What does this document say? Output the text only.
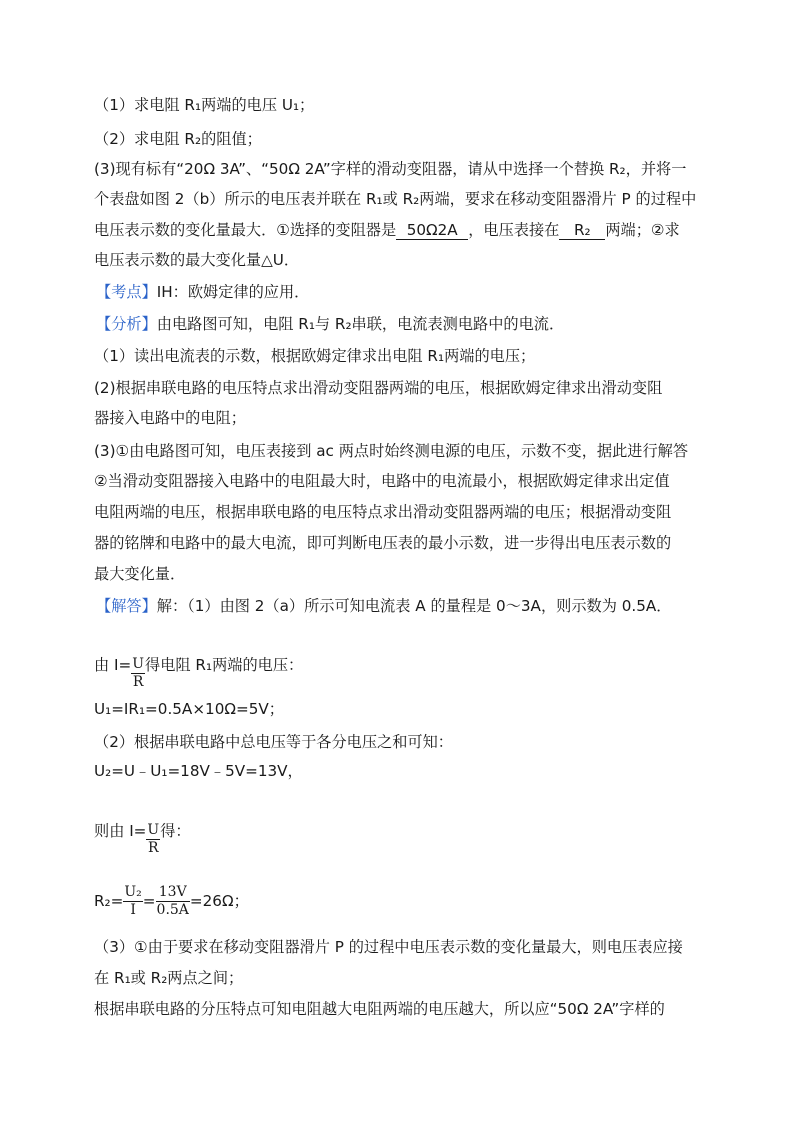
（1）求电阻 R₁两端的电压 U₁；
（2）求电阻 R₂的阻值；
(3)现有标有“20Ω 3A”、“50Ω 2A”字样的滑动变阻器，请从中选择一个替换 R₂，并将一
个表盘如图 2（b）所示的电压表并联在 R₁或 R₂两端，要求在移动变阻器滑片 P 的过程中
电压表示数的变化量最大．①选择的变阻器是 50Ω2A ，电压表接在 R₂ 两端；②求
电压表示数的最大变化量△U．
【考点】IH：欧姆定律的应用．
【分析】由电路图可知，电阻 R₁与 R₂串联，电流表测电路中的电流．
（1）读出电流表的示数，根据欧姆定律求出电阻 R₁两端的电压；
(2)根据串联电路的电压特点求出滑动变阻器两端的电压，根据欧姆定律求出滑动变阻
器接入电路中的电阻；
(3)①由电路图可知，电压表接到 ac 两点时始终测电源的电压，示数不变，据此进行解答
②当滑动变阻器接入电路中的电阻最大时，电路中的电流最小，根据欧姆定律求出定值
电阻两端的电压，根据串联电路的电压特点求出滑动变阻器两端的电压；根据滑动变阻
器的铭牌和电路中的最大电流，即可判断电压表的最小示数，进一步得出电压表示数的
最大变化量．
【解答】解：（1）由图 2（a）所示可知电流表 A 的量程是 0～3A，则示数为 0.5A．
由 $I= \frac{U}{R}$ 得电阻 R₁两端的电压：
U₁=IR₁=0.5A×10Ω=5V；
（2）根据串联电路中总电压等于各分电压之和可知：
U₂=U﹣U₁=18V﹣5V=13V，
则由 $I= \frac{U}{R}$ 得：
$R_2= \frac{\text{U₂}}{I} = \frac{13V}{0.5A} =26\Omega$；
（3）①由于要求在移动变阻器滑片 P 的过程中电压表示数的变化量最大，则电压表应接
在 R₁或 R₂两点之间；
根据串联电路的分压特点可知电阻越大电阻两端的电压越大，所以应“50Ω 2A”字样的
